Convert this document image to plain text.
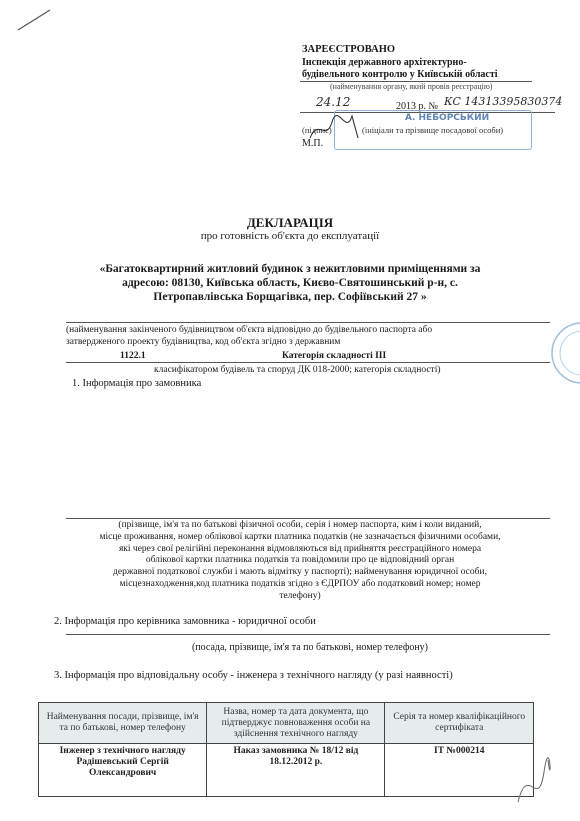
ЗАРЕЄСТРОВАНО
Інспекція державного архітектурно-
будівельного контролю у Київській області
(найменування органу, який провів реєстрацію)
24.12	2013 р. № КС 14313395830374
А. НЕБОРСЬКИЙ
(підпис)	(ініціали та прізвище посадової особи)
М.П.
ДЕКЛАРАЦІЯ
про готовність об'єкта до експлуатації
«Багатоквартирний житловий будинок з нежитловими приміщеннями за
адресою: 08130, Київська область, Києво-Святошинський р-н, с.
Петропавлівська Борщагівка, пер. Софіївський 27 »
(найменування закінченого будівництвом об'єкта відповідно до будівельного паспорта або
затвердженого проекту будівництва, код об'єкта згідно з державним
1122.1	Категорія складності ІІІ
класифікатором будівель та споруд ДК 018-2000; категорія складності)
1. Інформація про замовника
(прізвище, ім'я та по батькові фізичної особи, серія і номер паспорта, ким і коли виданий,
місце проживання, номер облікової картки платника податків (не зазначається фізичними особами,
які через свої релігійні переконання відмовляються від прийняття реєстраційного номера
облікової картки платника податків та повідомили про це відповідний орган
державної податкової служби і мають відмітку у паспорті); найменування юридичної особи,
місцезнаходження,код платника податків згідно з ЄДРПОУ або податковий номер; номер
телефону)
2. Інформація про керівника замовника - юридичної особи
(посада, прізвище, ім'я та по батькові, номер телефону)
3. Інформація про відповідальну особу - інженера з технічного нагляду (у разі наявності)
Найменування посади, прізвище, ім'я та по батькові, номер телефону	Назва, номер та дата документа, що підтверджує повноваження особи на здійснення технічного нагляду	Серія та номер кваліфікаційного сертифіката

Інженер з технічного нагляду
Радішевський Сергій Олександрович	Наказ замовника № 18/12 від 18.12.2012 р.	ІТ №000214
